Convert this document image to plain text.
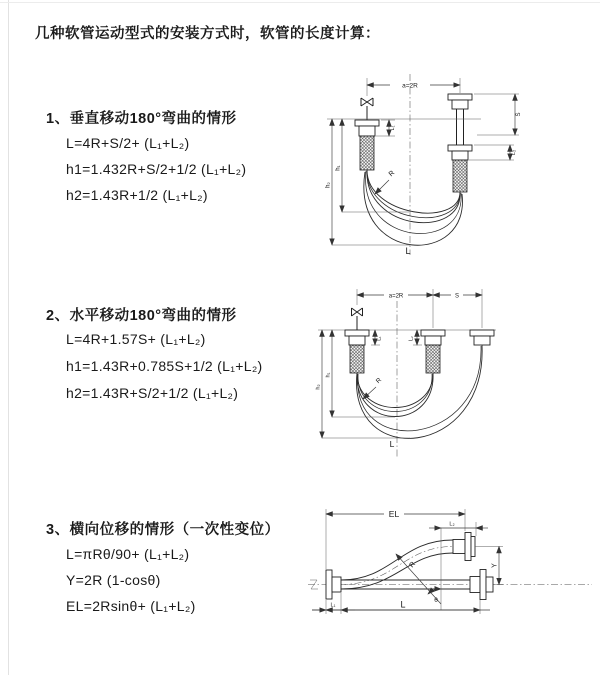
几种软管运动型式的安装方式时，软管的长度计算：
1、垂直移动180°弯曲的情形
L=4R+S/2+ (L₁+L₂)
h1=1.432R+S/2+1/2 (L₁+L₂)
h2=1.43R+1/2 (L₁+L₂)
a=2R
h₁
h₂
L₁
S
L₂
R
L
2、水平移动180°弯曲的情形
L=4R+1.57S+ (L₁+L₂)
h1=1.43R+0.785S+1/2 (L₁+L₂)
h2=1.43R+S/2+1/2 (L₁+L₂)
a=2R	S
h₁
h₂
L₁	L₂
R
L
3、横向位移的情形（一次性变位）
L=πRθ/90+ (L₁+L₂)
Y=2R (1-cosθ)
EL=2Rsinθ+ (L₁+L₂)	θ
R
EL
L₂
Y
L₁	L
